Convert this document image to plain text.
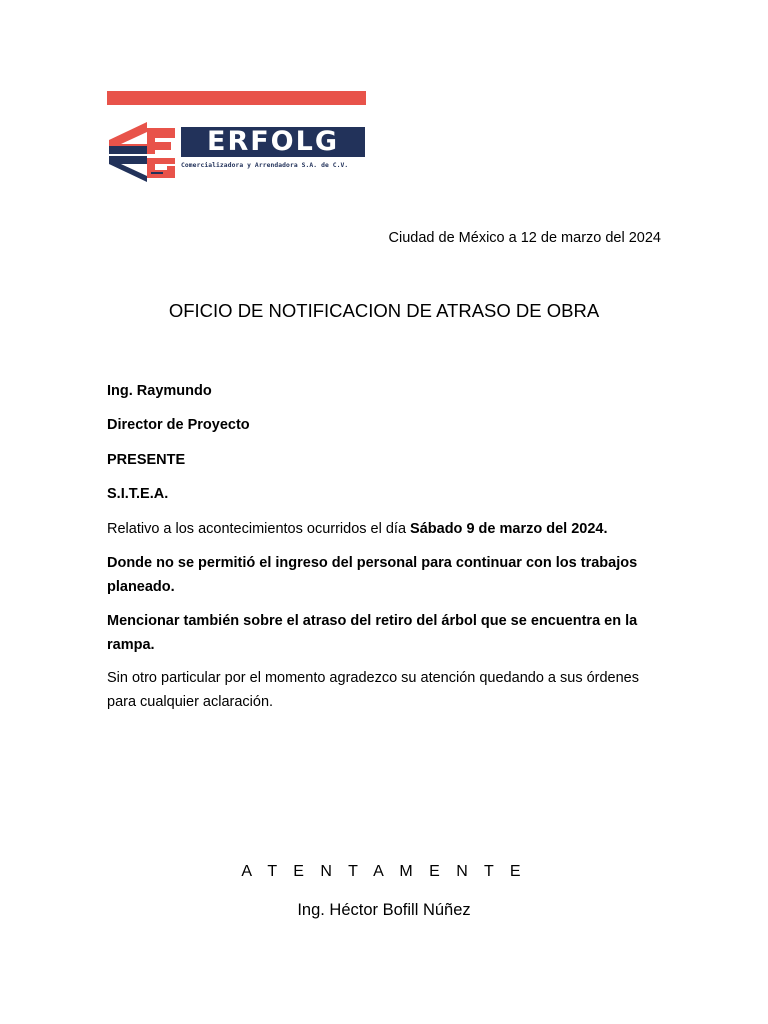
ERFOLG
Comercializadora y Arrendadora S.A. de C.V.
Ciudad de México a 12 de marzo del 2024
OFICIO DE NOTIFICACION DE ATRASO DE OBRA
Ing. Raymundo
Director de Proyecto
PRESENTE
S.I.T.E.A.
Relativo a los acontecimientos ocurridos el día Sábado 9 de marzo del 2024.
Donde no se permitió el ingreso del personal para continuar con los trabajos planeado.
Mencionar también sobre el atraso del retiro del árbol que se encuentra en la rampa.
Sin otro particular por el momento agradezco su atención quedando a sus órdenes para cualquier aclaración.
A T E N T A M E N T E
Ing. Héctor Bofill Núñez
